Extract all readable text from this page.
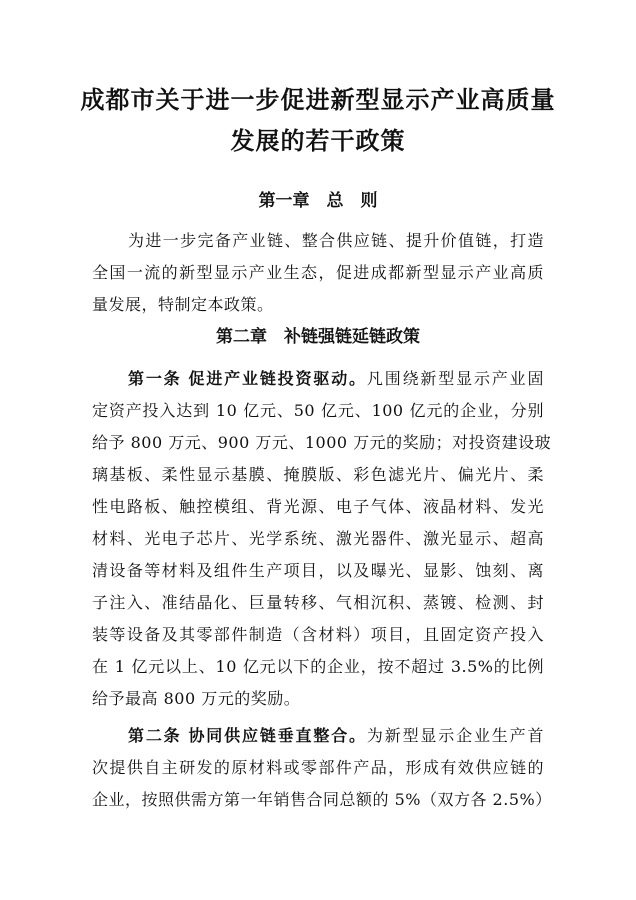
成都市关于进一步促进新型显示产业高质量
发展的若干政策
第一章　总　则

为进一步完备产业链、整合供应链、提升价值链，打造

全国一流的新型显示产业生态，促进成都新型显示产业高质

量发展，特制定本政策。

第二章　补链强链延链政策

第一条 促进产业链投资驱动。凡围绕新型显示产业固

定资产投入达到 10 亿元、50 亿元、100 亿元的企业，分别

给予 800 万元、900 万元、1000 万元的奖励；对投资建设玻

璃基板、柔性显示基膜、掩膜版、彩色滤光片、偏光片、柔

性电路板、触控模组、背光源、电子气体、液晶材料、发光

材料、光电子芯片、光学系统、激光器件、激光显示、超高

清设备等材料及组件生产项目，以及曝光、显影、蚀刻、离

子注入、准结晶化、巨量转移、气相沉积、蒸镀、检测、封

装等设备及其零部件制造（含材料）项目，且固定资产投入

在 1 亿元以上、10 亿元以下的企业，按不超过 3.5%的比例

给予最高 800 万元的奖励。

第二条 协同供应链垂直整合。为新型显示企业生产首

次提供自主研发的原材料或零部件产品，形成有效供应链的

企业，按照供需方第一年销售合同总额的 5%（双方各 2.5%）
